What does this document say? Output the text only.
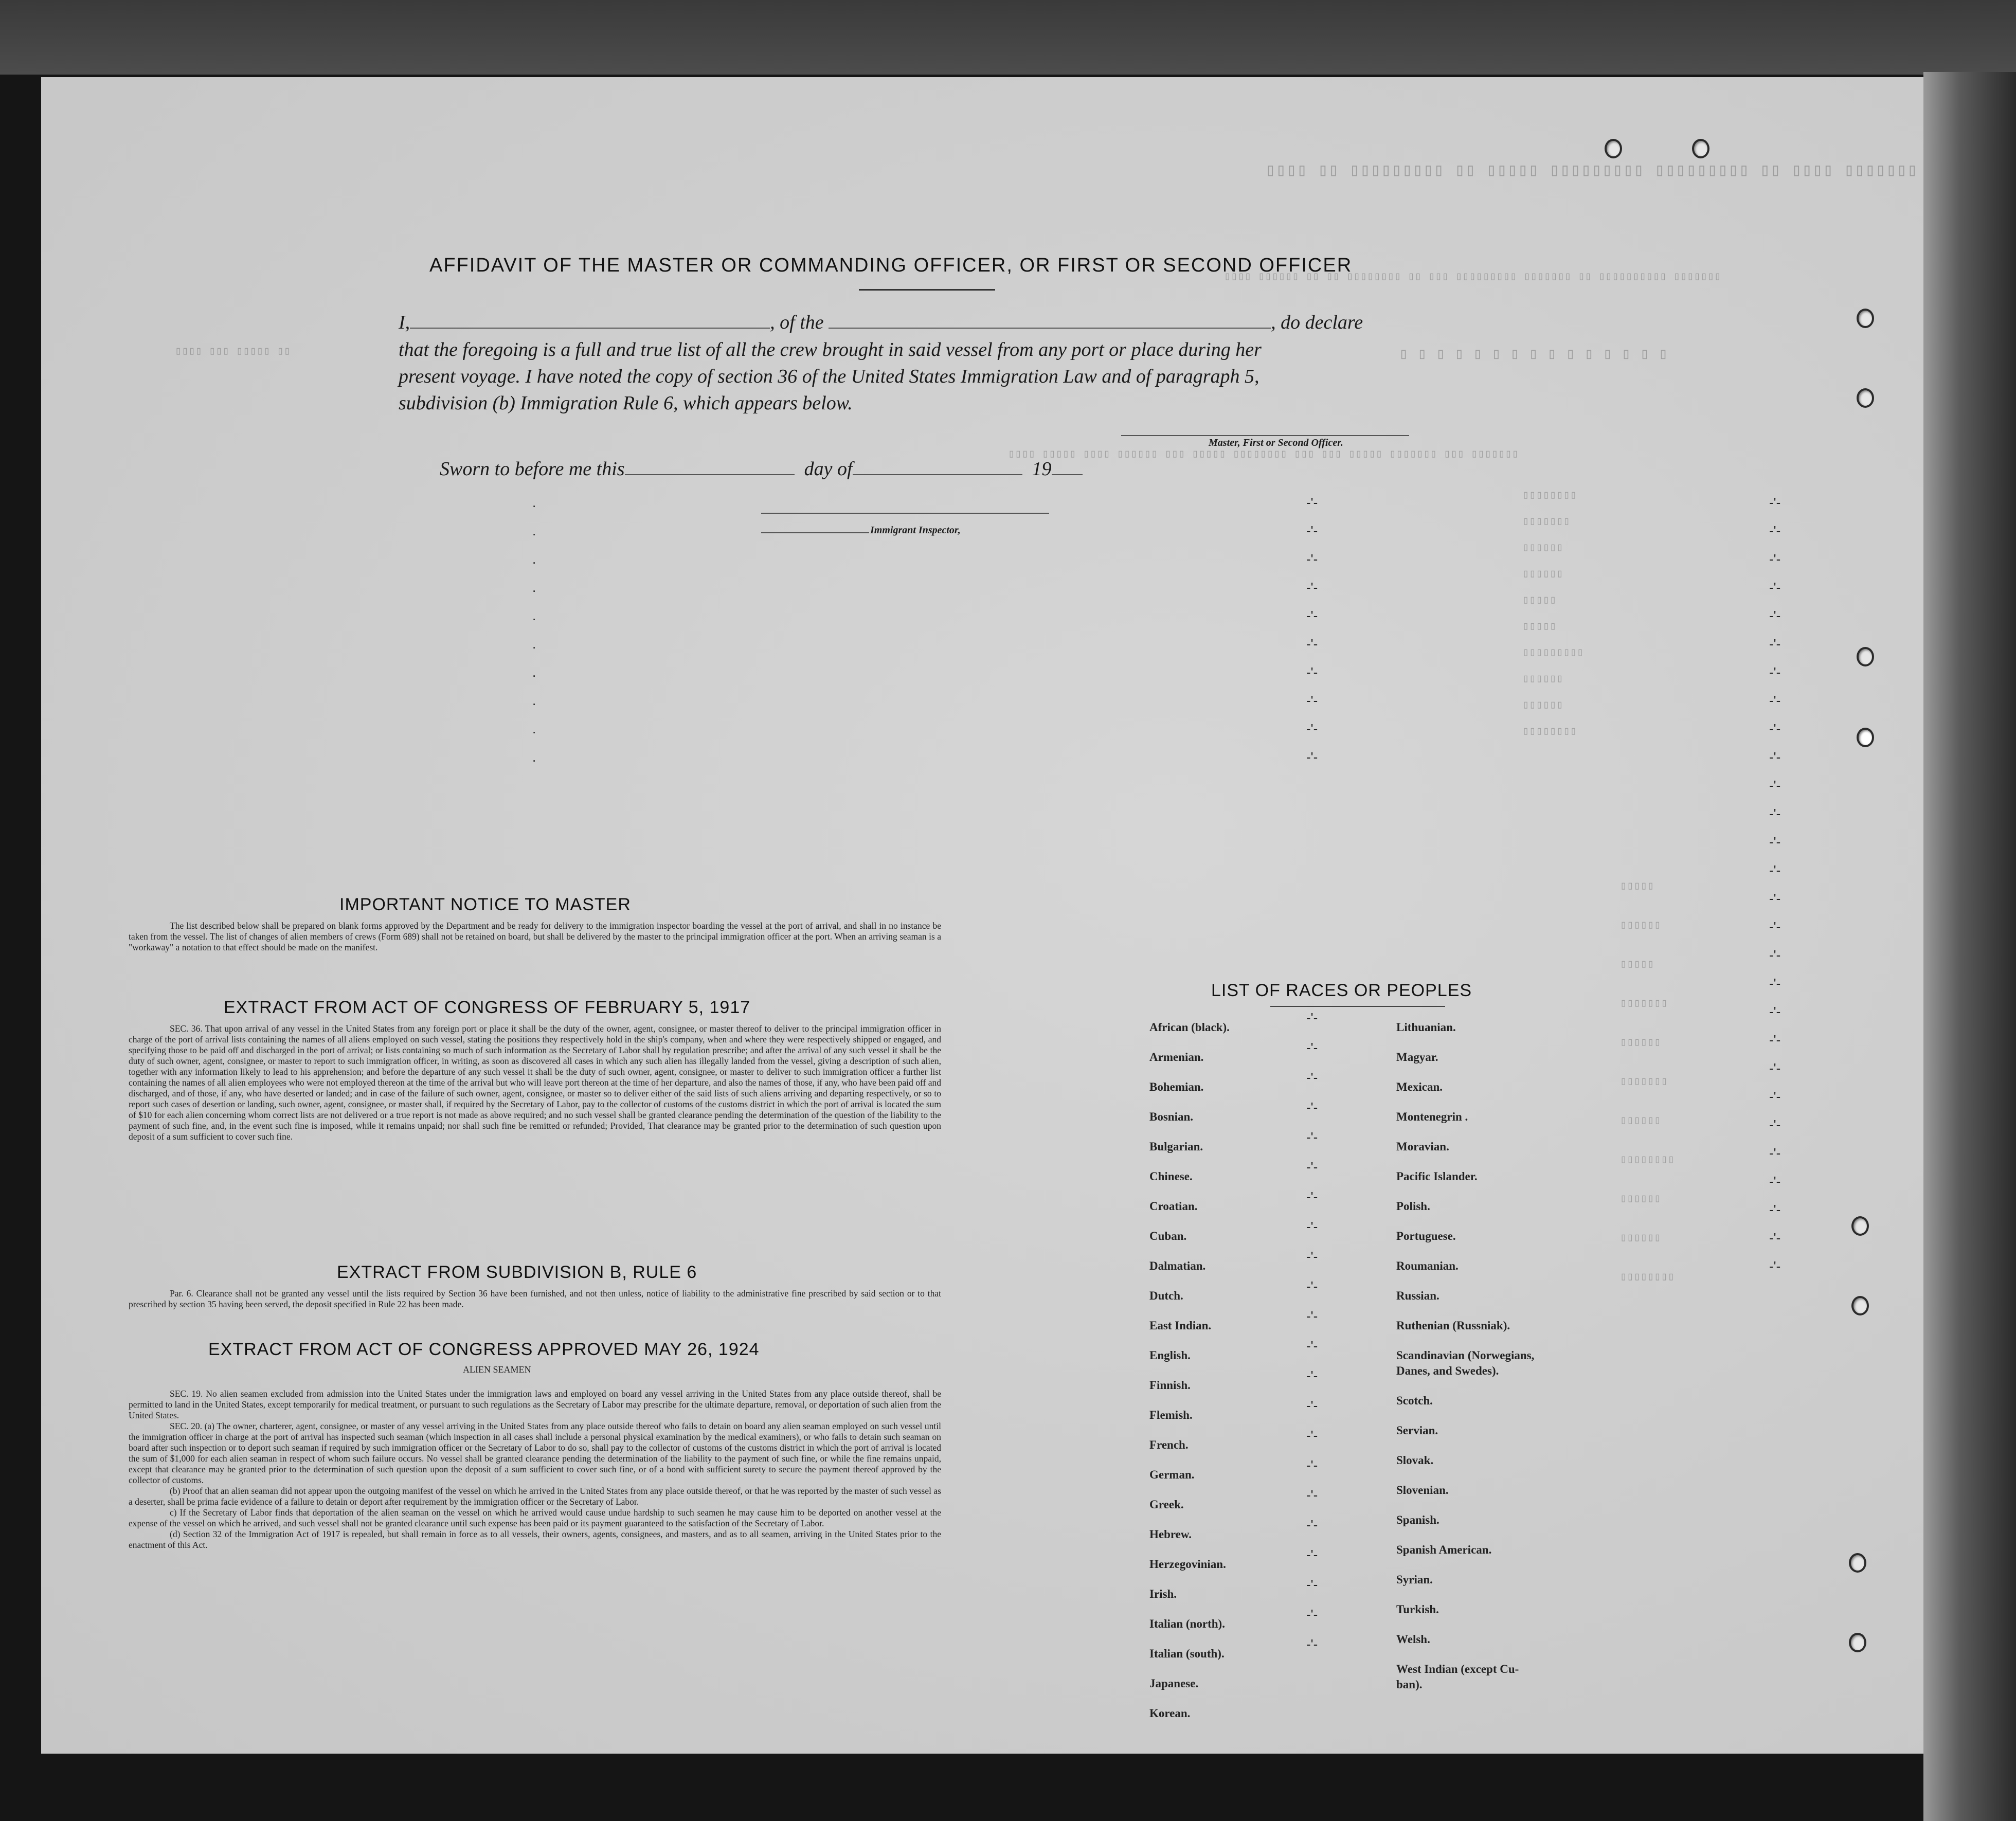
▯▯▯▯ ▯▯ ▯▯▯▯▯▯▯▯▯ ▯▯ ▯▯▯▯▯ ▯▯▯▯▯▯▯▯▯ ▯▯▯▯▯▯▯▯▯ ▯▯ ▯▯▯▯ ▯▯▯▯▯▯▯
▯▯▯▯ ▯▯▯▯▯▯ ▯▯ ▯▯ ▯▯▯▯▯▯▯▯ ▯▯ ▯▯▯ ▯▯▯▯▯▯▯▯▯ ▯▯▯▯▯▯▯ ▯▯ ▯▯▯▯▯▯▯▯▯▯ ▯▯▯▯▯▯▯
▯▯▯▯ ▯▯▯ ▯▯▯▯▯ ▯▯	▯ ▯ ▯ ▯ ▯ ▯ ▯ ▯ ▯ ▯ ▯ ▯ ▯ ▯ ▯
▯▯▯▯ ▯▯▯▯▯ ▯▯▯▯ ▯▯▯▯▯▯ ▯▯▯ ▯▯▯▯▯ ▯▯▯▯▯▯▯▯ ▯▯▯ ▯▯▯ ▯▯▯▯▯ ▯▯▯▯▯▯▯ ▯▯▯ ▯▯▯▯▯▯▯
▯▯▯▯▯▯▯▯

▯▯▯▯▯▯▯

▯▯▯▯▯▯

▯▯▯▯▯▯

▯▯▯▯▯

▯▯▯▯▯

▯▯▯▯▯▯▯▯▯

▯▯▯▯▯▯

▯▯▯▯▯▯

▯▯▯▯▯▯▯▯
▯▯▯▯▯

▯▯▯▯▯▯

▯▯▯▯▯

▯▯▯▯▯▯▯

▯▯▯▯▯▯

▯▯▯▯▯▯▯

▯▯▯▯▯▯

▯▯▯▯▯▯▯▯

▯▯▯▯▯▯

▯▯▯▯▯▯

▯▯▯▯▯▯▯▯
.
.
.
.
.
.
.
.
.
.
-'-
-'-
-'-
-'-
-'-
-'-
-'-
-'-
-'-
-'-
-'-
-'-
-'-
-'-
-'-
-'-
-'-
-'-
-'-
-'-
-'-
-'-
-'-
-'-
-'-
-'-
-'-
-'-
-'-
-'-
-'-
-'-
-'-
-'-
-'-
-'-
-'-
-'-
-'-
-'-
-'-
-'-
-'-
-'-
-'-
-'-
-'-
-'-
-'-
-'-
-'-
-'-
-'-
-'-
-'-
-'-
-'-
-'-
-'-
-'-
AFFIDAVIT OF THE MASTER OR COMMANDING OFFICER, OR FIRST OR SECOND OFFICER
I,	, of the	, do declare
that the foregoing is a full and true list of all the crew brought in said vessel from any port or place during her
present voyage. I have noted the copy of section 36 of the United States Immigration Law and of paragraph 5,
subdivision (b) Immigration Rule 6, which appears below.
Master, First or Second Officer.
Sworn to before me this	day of	19
Immigrant Inspector,
IMPORTANT NOTICE TO MASTER
The list described below shall be prepared on blank forms approved by the Department and be ready for delivery to the immigration inspector boarding the vessel at the port of arrival, and shall in no instance be taken from the vessel. The list of changes of alien members of crews (Form 689) shall not be retained on board, but shall be delivered by the master to the principal immigration officer at the port. When an arriving seaman is a "workaway" a notation to that effect should be made on the manifest.
EXTRACT FROM ACT OF CONGRESS OF FEBRUARY 5, 1917
SEC. 36. That upon arrival of any vessel in the United States from any foreign port or place it shall be the duty of the owner, agent, consignee, or master thereof to deliver to the principal immigration officer in charge of the port of arrival lists containing the names of all aliens employed on such vessel, stating the positions they respectively hold in the ship's company, when and where they were respectively shipped or engaged, and specifying those to be paid off and discharged in the port of arrival; or lists containing so much of such information as the Secretary of Labor shall by regulation prescribe; and after the arrival of any such vessel it shall be the duty of such owner, agent, consignee, or master to report to such immigration officer, in writing, as soon as discovered all cases in which any such alien has illegally landed from the vessel, giving a description of such alien, together with any information likely to lead to his apprehension; and before the departure of any such vessel it shall be the duty of such owner, agent, consignee, or master to deliver to such immigration officer a further list containing the names of all alien employees who were not employed thereon at the time of the arrival but who will leave port thereon at the time of her departure, and also the names of those, if any, who have been paid off and discharged, and of those, if any, who have deserted or landed; and in case of the failure of such owner, agent, consignee, or master so to deliver either of the said lists of such aliens arriving and departing respectively, or so to report such cases of desertion or landing, such owner, agent, consignee, or master shall, if required by the Secretary of Labor, pay to the collector of customs of the customs district in which the port of arrival is located the sum of $10 for each alien concerning whom correct lists are not delivered or a true report is not made as above required; and no such vessel shall be granted clearance pending the determination of the question of the liability to the payment of such fine, and, in the event such fine is imposed, while it remains unpaid; nor shall such fine be remitted or refunded; Provided, That clearance may be granted prior to the determination of such question upon deposit of a sum sufficient to cover such fine.
EXTRACT FROM SUBDIVISION B, RULE 6
Par. 6. Clearance shall not be granted any vessel until the lists required by Section 36 have been furnished, and not then unless, notice of liability to the administrative fine prescribed by said section or to that prescribed by section 35 having been served, the deposit specified in Rule 22 has been made.
EXTRACT FROM ACT OF CONGRESS APPROVED MAY 26, 1924
ALIEN SEAMEN
SEC. 19. No alien seamen excluded from admission into the United States under the immigration laws and employed on board any vessel arriving in the United States from any place outside thereof, shall be permitted to land in the United States, except temporarily for medical treatment, or pursuant to such regulations as the Secretary of Labor may prescribe for the ultimate departure, removal, or deportation of such alien from the United States.
SEC. 20. (a) The owner, charterer, agent, consignee, or master of any vessel arriving in the United States from any place outside thereof who fails to detain on board any alien seaman employed on such vessel until the immigration officer in charge at the port of arrival has inspected such seaman (which inspection in all cases shall include a personal physical examination by the medical examiners), or who fails to detain such seaman on board after such inspection or to deport such seaman if required by such immigration officer or the Secretary of Labor to do so, shall pay to the collector of customs of the customs district in which the port of arrival is located the sum of $1,000 for each alien seaman in respect of whom such failure occurs. No vessel shall be granted clearance pending the determination of the liability to the payment of such fine, or while the fine remains unpaid, except that clearance may be granted prior to the determination of such question upon the deposit of a sum sufficient to cover such fine, or of a bond with sufficient surety to secure the payment thereof approved by the collector of customs.
(b) Proof that an alien seaman did not appear upon the outgoing manifest of the vessel on which he arrived in the United States from any place outside thereof, or that he was reported by the master of such vessel as a deserter, shall be prima facie evidence of a failure to detain or deport after requirement by the immigration officer or the Secretary of Labor.
c) If the Secretary of Labor finds that deportation of the alien seaman on the vessel on which he arrived would cause undue hardship to such seamen he may cause him to be deported on another vessel at the expense of the vessel on which he arrived, and such vessel shall not be granted clearance until such expense has been paid or its payment guaranteed to the satisfaction of the Secretary of Labor.
(d) Section 32 of the Immigration Act of 1917 is repealed, but shall remain in force as to all vessels, their owners, agents, consignees, and masters, and as to all seamen, arriving in the United States prior to the enactment of this Act.
LIST OF RACES OR PEOPLES
African (black).
Armenian.
Bohemian.
Bosnian.
Bulgarian.
Chinese.
Croatian.
Cuban.
Dalmatian.
Dutch.
East Indian.
English.
Finnish.
Flemish.
French.
German.
Greek.
Hebrew.
Herzegovinian.
Irish.
Italian (north).
Italian (south).
Japanese.
Korean.
Lithuanian.
Magyar.
Mexican.
Montenegrin .
Moravian.
Pacific Islander.
Polish.
Portuguese.
Roumanian.
Russian.
Ruthenian (Russniak).
Scandinavian (Norwegians,
Danes, and Swedes).
Scotch.
Servian.
Slovak.
Slovenian.
Spanish.
Spanish American.
Syrian.
Turkish.
Welsh.
West Indian (except Cu-
ban).
